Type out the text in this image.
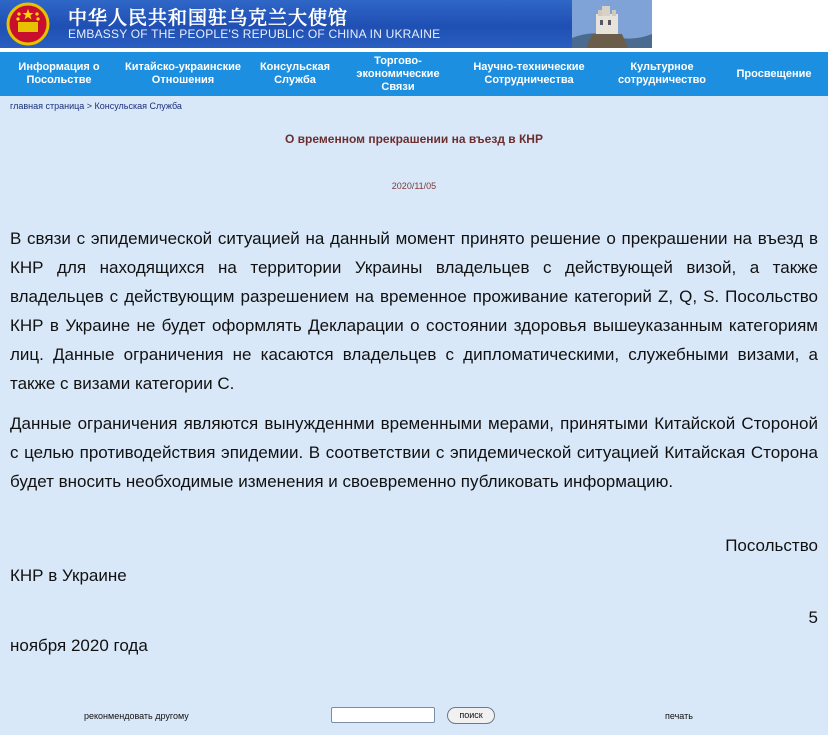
中华人民共和国驻乌克兰大使馆
EMBASSY OF THE PEOPLE'S REPUBLIC OF CHINA IN UKRAINE
Информация о
Посольстве
Китайско-украинские
Отношения
Консульская
Служба
Торгово-
экономические
Связи
Научно-технические
Сотрудничества
Культурное
сотрудничество
Просвещение
главная страница > Консульская Служба
О временном прекрашении на въезд в КНР
2020/11/05

В связи с эпидемической ситуацией на данный момент принято решение о прекрашении на въезд в КНР для находящихся на территории Украины владельцев с действующей визой, а также владельцев с действующим разрешением на временное проживание категорий Z, Q, S. Посольство КНР в Украине не будет оформлять Декларации о состоянии здоровья вышеуказанным категориям лиц. Данные ограничения не касаются владельцев с дипломатическими, служебными визами, а также с визами категории C.

Данные ограничения являются вынужденнми временными мерами, принятыми Китайской Стороной с целью противодействия эпидемии. В соответствии с эпидемической ситуацией Китайская Сторона будет вносить необходимые изменения и своевременно публиковать информацию.

Посольство
КНР в Украине
5
ноября 2020 года
реконмендовать другому	поиск	печать
